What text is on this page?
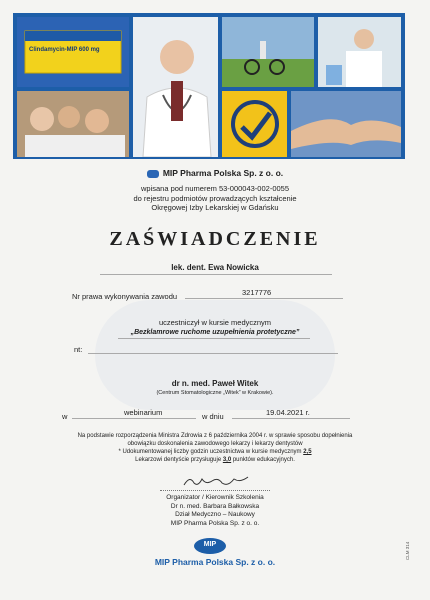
Clindamycin-MIP 600 mg
MIP Pharma Polska Sp. z o. o.
wpisana pod numerem 53-000043-002-0055
do rejestru podmiotów prowadzących kształcenie
Okręgowej Izby Lekarskiej w Gdańsku
ZAŚWIADCZENIE
lek. dent. Ewa Nowicka
Nr prawa wykonywania zawodu	3217776
uczestniczył w kursie medycznym
„Bezklamrowe ruchome uzupełnienia protetyczne”
nt:
dr n. med. Paweł Witek
(Centrum Stomatologiczne „Witek” w Krakowie).
w	webinarium	w dniu	19.04.2021 r.
Na podstawie rozporządzenia Ministra Zdrowia z 6 października 2004 r. w sprawie sposobu dopełnienia
obowiązku doskonalenia zawodowego lekarzy i lekarzy dentystów
* Udokumentowanej liczby godzin uczestnictwa w kursie medycznym 2,5
Lekarzowi dentyście przysługuje 3,0 punktów edukacyjnych.
Organizator / Kierownik Szkolenia
Dr n. med. Barbara Bałkowska
Dział Medyczno – Naukowy
MIP Pharma Polska Sp. z o. o.
MIP
MIP Pharma Polska Sp. z o. o.
CLM 314
